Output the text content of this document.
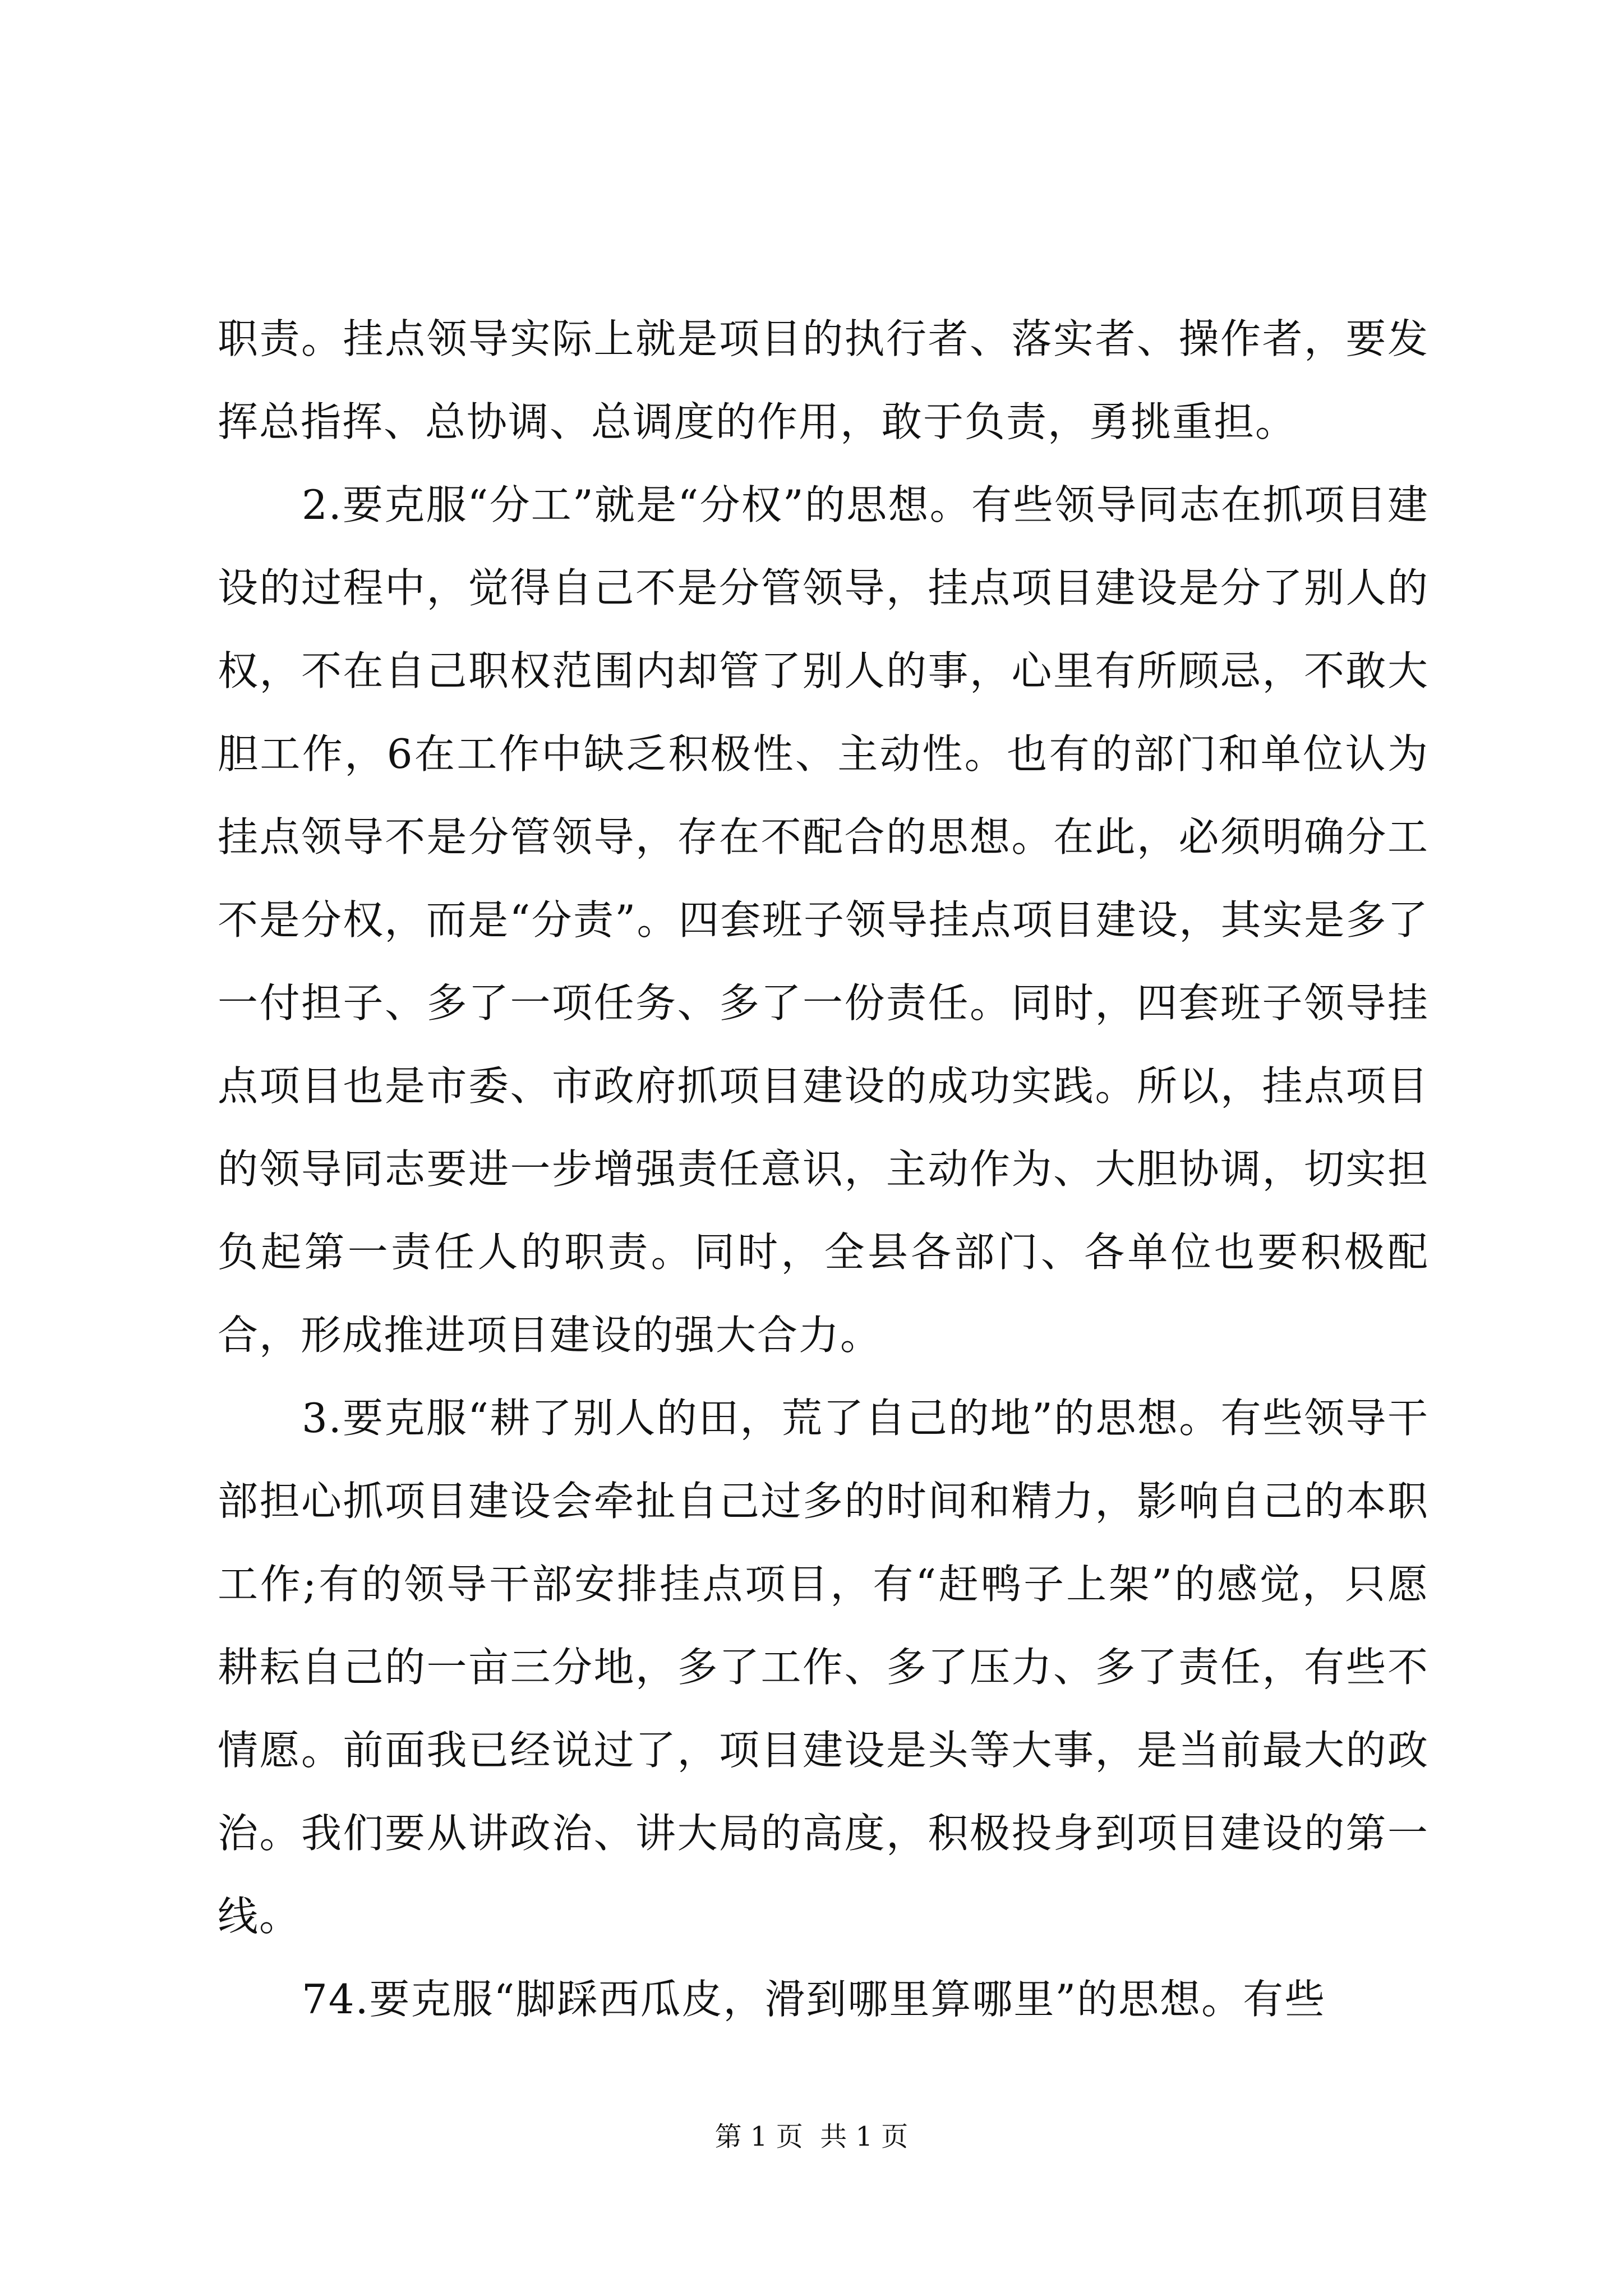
职责。挂点领导实际上就是项目的执行者、落实者、操作者，要发挥总指挥、总协调、总调度的作用，敢于负责，勇挑重担。

2.要克服“分工”就是“分权”的思想。有些领导同志在抓项目建设的过程中，觉得自己不是分管领导，挂点项目建设是分了别人的权，不在自己职权范围内却管了别人的事，心里有所顾忌，不敢大胆工作，6在工作中缺乏积极性、主动性。也有的部门和单位认为挂点领导不是分管领导，存在不配合的思想。在此，必须明确分工不是分权，而是“分责”。四套班子领导挂点项目建设，其实是多了一付担子、多了一项任务、多了一份责任。同时，四套班子领导挂点项目也是市委、市政府抓项目建设的成功实践。所以，挂点项目的领导同志要进一步增强责任意识，主动作为、大胆协调，切实担负起第一责任人的职责。同时，全县各部门、各单位也要积极配合，形成推进项目建设的强大合力。

3.要克服“耕了别人的田，荒了自己的地”的思想。有些领导干部担心抓项目建设会牵扯自己过多的时间和精力，影响自己的本职工作;有的领导干部安排挂点项目，有“赶鸭子上架”的感觉，只愿耕耘自己的一亩三分地，多了工作、多了压力、多了责任，有些不情愿。前面我已经说过了，项目建设是头等大事，是当前最大的政治。我们要从讲政治、讲大局的高度，积极投身到项目建设的第一线。

74.要克服“脚踩西瓜皮，滑到哪里算哪里”的思想。有些

第 1 页  共 1 页
